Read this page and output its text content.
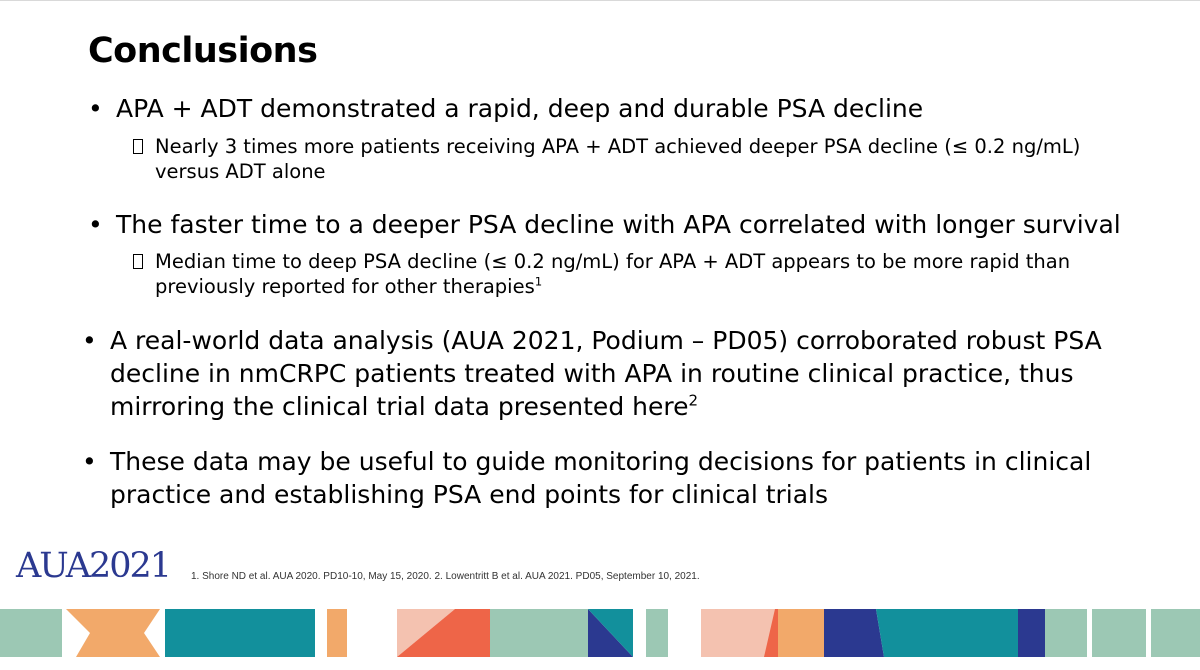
Conclusions
• APA + ADT demonstrated a rapid, deep and durable PSA decline
Nearly 3 times more patients receiving APA + ADT achieved deeper PSA decline (≤ 0.2 ng/mL)
versus ADT alone
• The faster time to a deeper PSA decline with APA correlated with longer survival
Median time to deep PSA decline (≤ 0.2 ng/mL) for APA + ADT appears to be more rapid than
previously reported for other therapies$^1$
• A real-world data analysis (AUA 2021, Podium – PD05) corroborated robust PSA
decline in nmCRPC patients treated with APA in routine clinical practice, thus
mirroring the clinical trial data presented here$^2$
• These data may be useful to guide monitoring decisions for patients in clinical
practice and establishing PSA end points for clinical trials
AUA2021 1. Shore ND et al. AUA 2020. PD10-10, May 15, 2020. 2. Lowentritt B et al. AUA 2021. PD05, September 10, 2021.
